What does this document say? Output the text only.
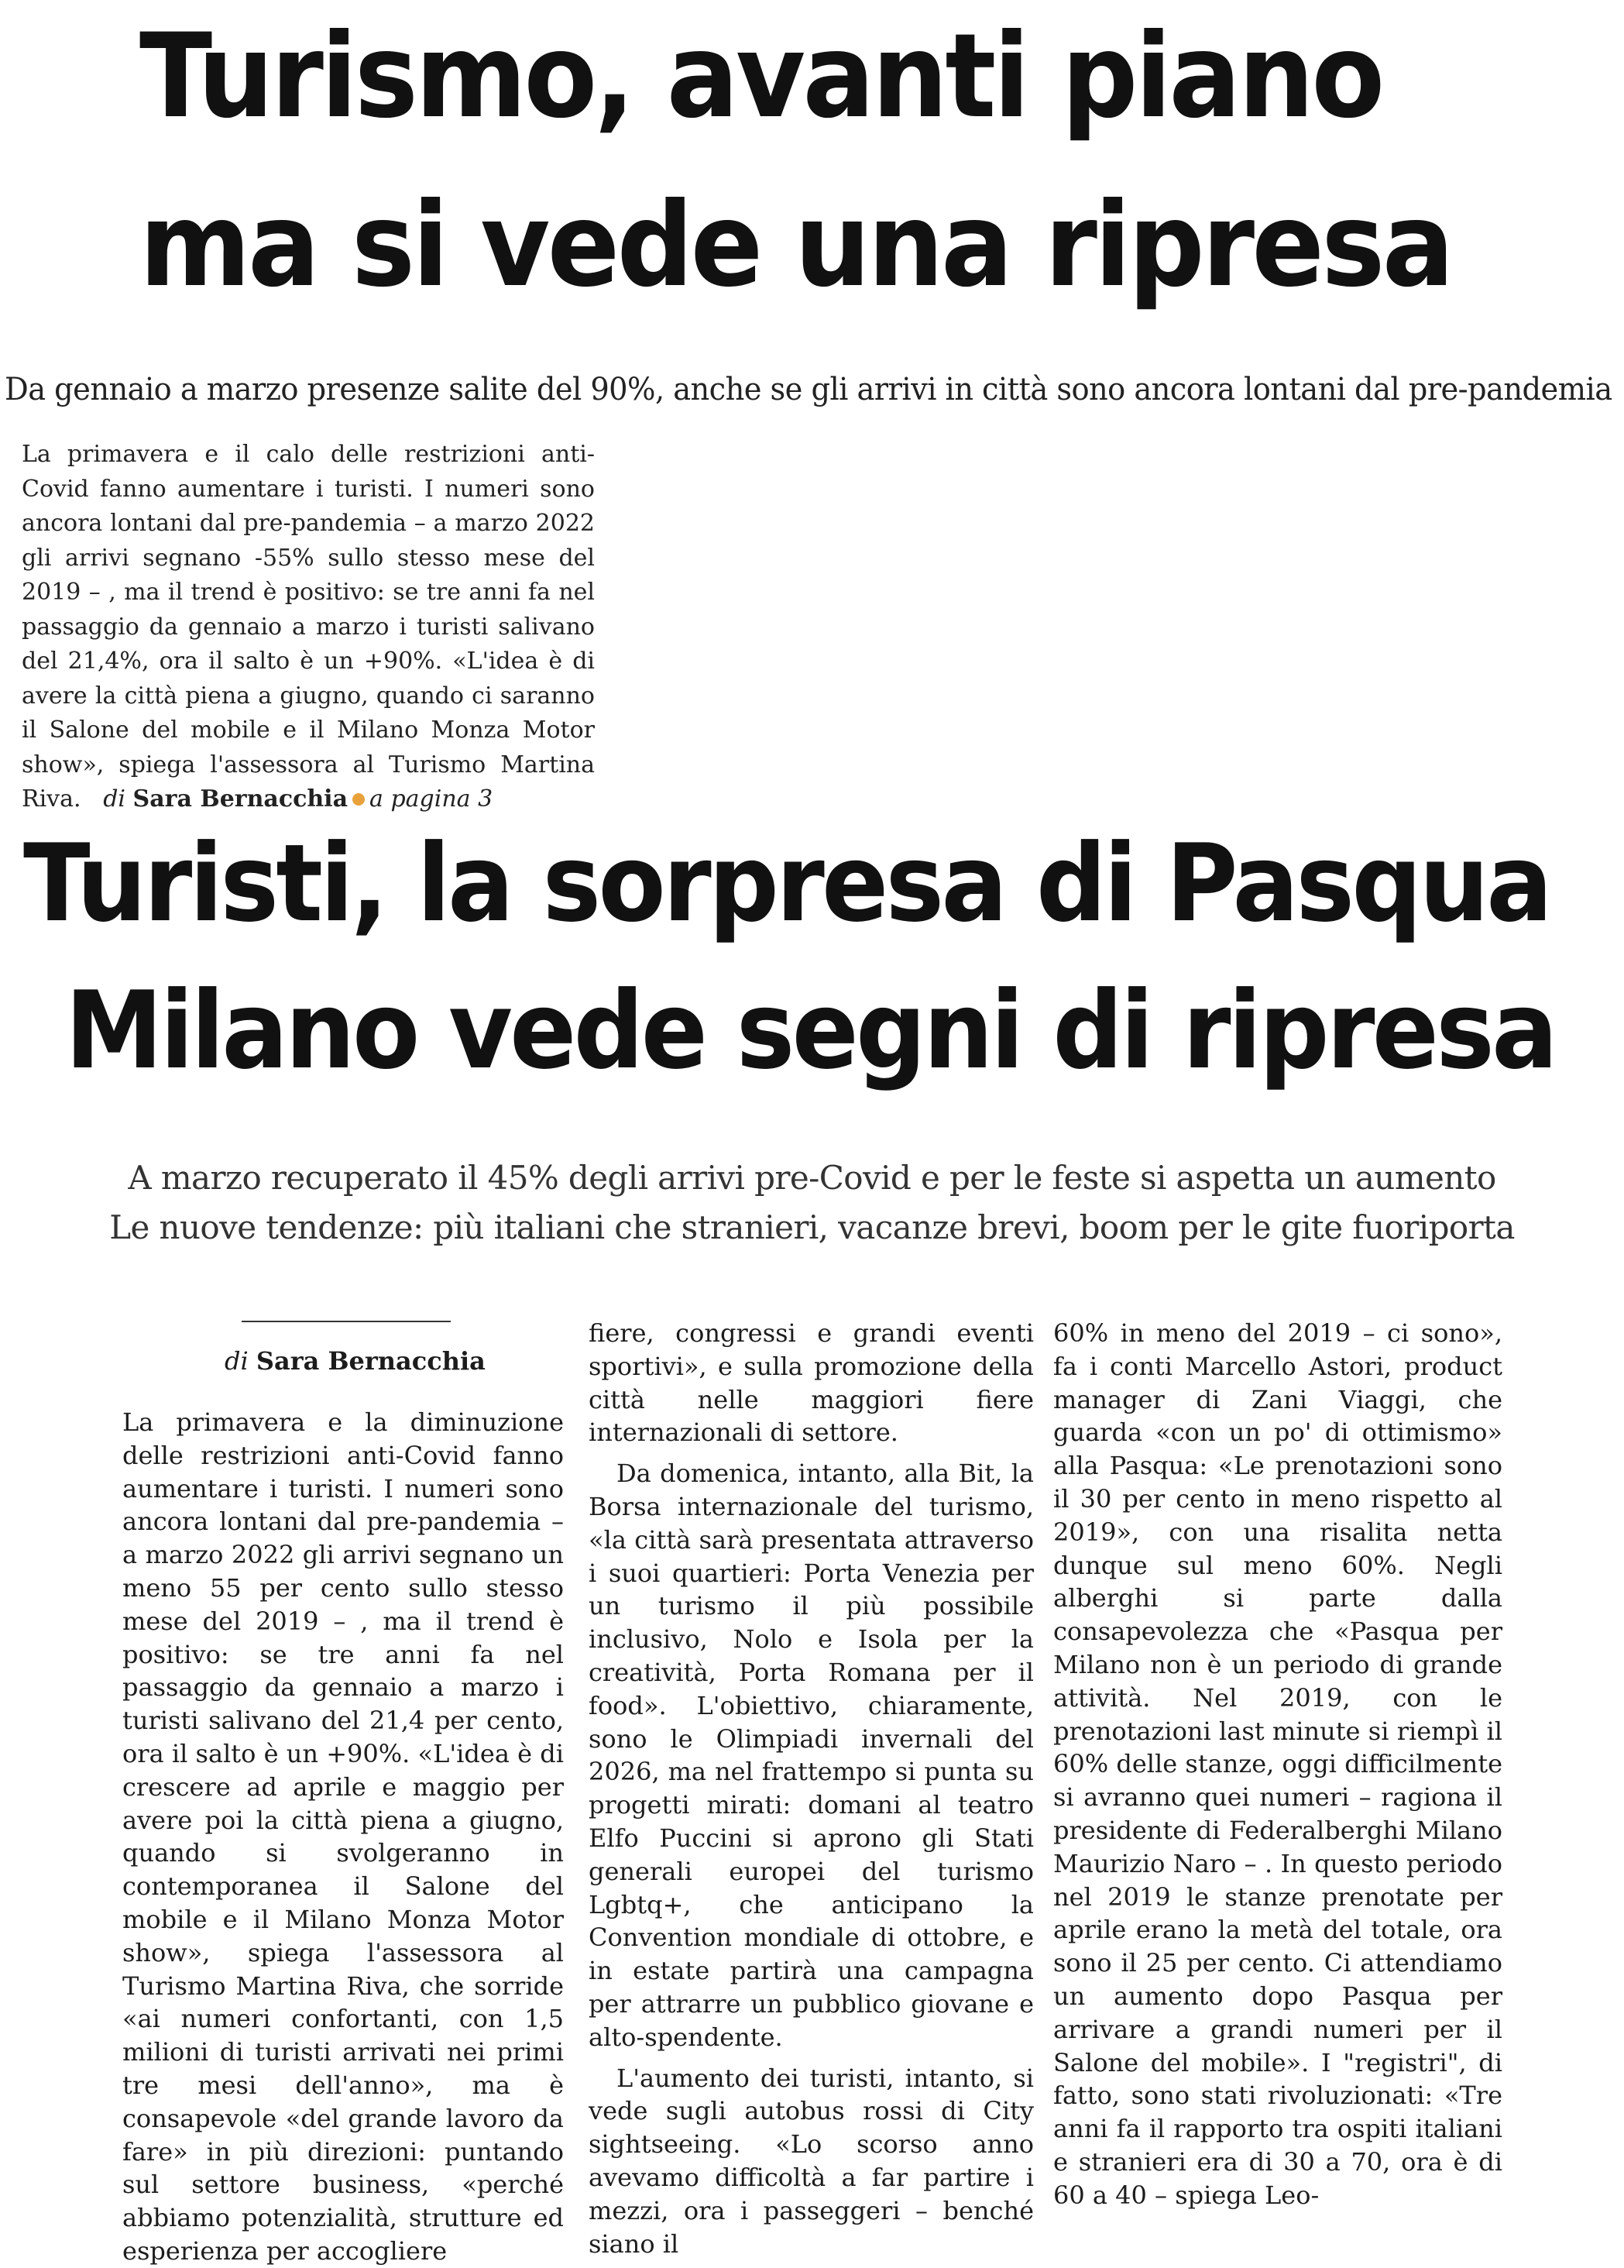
Turismo, avanti piano
ma si vede una ripresa
Da gennaio a marzo presenze salite del 90%, anche se gli arrivi in città sono ancora lontani dal pre-pandemia
La primavera e il calo delle restrizioni anti-Covid fanno aumentare i turisti. I numeri sono ancora lontani dal pre-pandemia – a marzo 2022 gli arrivi segnano -55% sullo stesso mese del 2019 – , ma il trend è positivo: se tre anni fa nel passaggio da gennaio a marzo i turisti salivano del 21,4%, ora il salto è un +90%. «L'idea è di avere la città piena a giugno, quando ci saranno il Salone del mobile e il Milano Monza Motor show», spiega l'assessora al Turismo Martina Riva. di Sara Bernacchia a pagina 3
Turisti, la sorpresa di Pasqua
Milano vede segni di ripresa
A marzo recuperato il 45% degli arrivi pre-Covid e per le feste si aspetta un aumento
Le nuove tendenze: più italiani che stranieri, vacanze brevi, boom per le gite fuoriporta
di Sara Bernacchia

La primavera e la diminuzione delle restrizioni anti-Covid fanno aumentare i turisti. I numeri sono ancora lontani dal pre-pandemia – a marzo 2022 gli arrivi segnano un meno 55 per cento sullo stesso mese del 2019 – , ma il trend è positivo: se tre anni fa nel passaggio da gennaio a marzo i turisti salivano del 21,4 per cento, ora il salto è un +90%. «L'idea è di crescere ad aprile e maggio per avere poi la città piena a giugno, quando si svolgeranno in contemporanea il Salone del mobile e il Milano Monza Motor show», spiega l'assessora al Turismo Martina Riva, che sorride «ai numeri confortanti, con 1,5 milioni di turisti arrivati nei primi tre mesi dell'anno», ma è consapevole «del grande lavoro da fare» in più direzioni: puntando sul settore business, «perché abbiamo potenzialità, strutture ed esperienza per accogliere

fiere, congressi e grandi eventi sportivi», e sulla promozione della città nelle maggiori fiere internazionali di settore.

Da domenica, intanto, alla Bit, la Borsa internazionale del turismo, «la città sarà presentata attraverso i suoi quartieri: Porta Venezia per un turismo il più possibile inclusivo, Nolo e Isola per la creatività, Porta Romana per il food». L'obiettivo, chiaramente, sono le Olimpiadi invernali del 2026, ma nel frattempo si punta su progetti mirati: domani al teatro Elfo Puccini si aprono gli Stati generali europei del turismo Lgbtq+, che anticipano la Convention mondiale di ottobre, e in estate partirà una campagna per attrarre un pubblico giovane e alto-spendente.

L'aumento dei turisti, intanto, si vede sugli autobus rossi di City sightseeing. «Lo scorso anno avevamo difficoltà a far partire i mezzi, ora i passeggeri – benché siano il

60% in meno del 2019 – ci sono», fa i conti Marcello Astori, product manager di Zani Viaggi, che guarda «con un po' di ottimismo» alla Pasqua: «Le prenotazioni sono il 30 per cento in meno rispetto al 2019», con una risalita netta dunque sul meno 60%. Negli alberghi si parte dalla consapevolezza che «Pasqua per Milano non è un periodo di grande attività. Nel 2019, con le prenotazioni last minute si riempì il 60% delle stanze, oggi difficilmente si avranno quei numeri – ragiona il presidente di Federalberghi Milano Maurizio Naro – . In questo periodo nel 2019 le stanze prenotate per aprile erano la metà del totale, ora sono il 25 per cento. Ci attendiamo un aumento dopo Pasqua per arrivare a grandi numeri per il Salone del mobile». I "registri", di fatto, sono stati rivoluzionati: «Tre anni fa il rapporto tra ospiti italiani e stranieri era di 30 a 70, ora è di 60 a 40 – spiega Leo-
